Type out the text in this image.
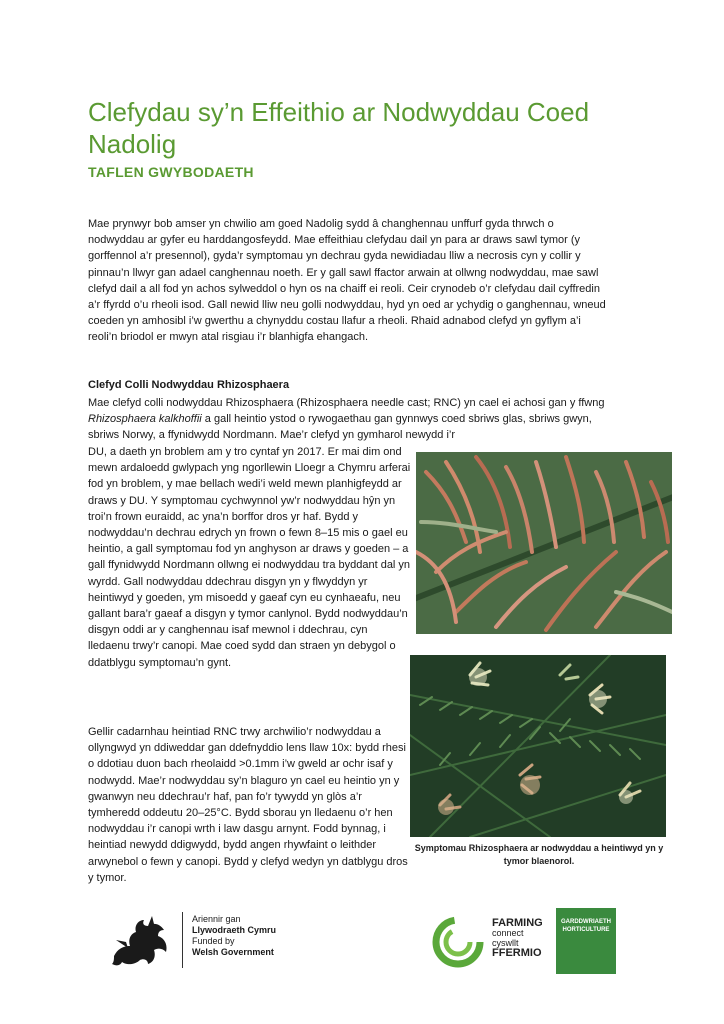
Clefydau sy’n Effeithio ar Nodwyddau Coed Nadolig
TAFLEN GWYBODAETH
Mae prynwyr bob amser yn chwilio am goed Nadolig sydd â changhennau unffurf gyda thrwch o nodwyddau ar gyfer eu harddangosfeydd. Mae effeithiau clefydau dail yn para ar draws sawl tymor (y gorffennol a’r presennol), gyda’r symptomau yn dechrau gyda newidiadau lliw a necrosis cyn y collir y pinnau’n llwyr gan adael canghennau noeth. Er y gall sawl ffactor arwain at ollwng nodwyddau, mae sawl clefyd dail a all fod yn achos sylweddol o hyn os na chaiff ei reoli. Ceir crynodeb o’r clefydau dail cyffredin a’r ffyrdd o’u rheoli isod. Gall newid lliw neu golli nodwyddau, hyd yn oed ar ychydig o ganghennau, wneud coeden yn amhosibl i’w gwerthu a chynyddu costau llafur a rheoli. Rhaid adnabod clefyd yn gyflym a’i reoli’n briodol er mwyn atal risgiau i’r blanhigfa ehangach.
Clefyd Colli Nodwyddau Rhizosphaera
Mae clefyd colli nodwyddau Rhizosphaera (Rhizosphaera needle cast; RNC) yn cael ei achosi gan y ffwng Rhizosphaera kalkhoffii a gall heintio ystod o rywogaethau gan gynnwys coed sbriws glas, sbriws gwyn, sbriws Norwy, a ffynidwydd Nordmann. Mae’r clefyd yn gymharol newydd i’r
DU, a daeth yn broblem am y tro cyntaf yn 2017. Er mai dim ond mewn ardaloedd gwlypach yng ngorllewin Lloegr a Chymru arferai fod yn broblem, y mae bellach wedi’i weld mewn planhigfeydd ar draws y DU. Y symptomau cychwynnol yw’r nodwyddau hŷn yn troi’n frown euraidd, ac yna’n borffor dros yr haf. Bydd y nodwyddau’n dechrau edrych yn frown o fewn 8–15 mis o gael eu heintio, a gall symptomau fod yn anghyson ar draws y goeden – a gall ffynidwydd Nordmann ollwng ei nodwyddau tra byddant dal yn wyrdd. Gall nodwyddau ddechrau disgyn yn y flwyddyn yr heintiwyd y goeden, ym misoedd y gaeaf cyn eu cynhaeafu, neu gallant bara’r gaeaf a disgyn y tymor canlynol. Bydd nodwyddau’n disgyn oddi ar y canghennau isaf mewnol i ddechrau, cyn lledaenu trwy’r canopi. Mae coed sydd dan straen yn debygol o ddatblygu symptomau’n gynt.
Gellir cadarnhau heintiad RNC trwy archwilio’r nodwyddau a ollyngwyd yn ddiweddar gan ddefnyddio lens llaw 10x: bydd rhesi o ddotiau duon bach rheolaidd >0.1mm i’w gweld ar ochr isaf y nodwydd. Mae’r nodwyddau sy’n blaguro yn cael eu heintio yn y gwanwyn neu ddechrau’r haf, pan fo’r tywydd yn glòs a’r tymheredd oddeutu 20–25°C. Bydd sborau yn lledaenu o’r hen nodwyddau i’r canopi wrth i law dasgu arnynt. Fodd bynnag, i heintiad newydd ddigwydd, bydd angen rhywfaint o leithder arwynebol o fewn y canopi. Bydd y clefyd wedyn yn datblygu dros y tymor.
Symptomau Rhizosphaera ar nodwyddau a heintiwyd yn y tymor blaenorol.
Ariennir gan
Llywodraeth Cymru
Funded by
Welsh Government
FARMING
connect
cyswllt
FFERMIO
GARDDWRIAETH
HORTICULTURE
